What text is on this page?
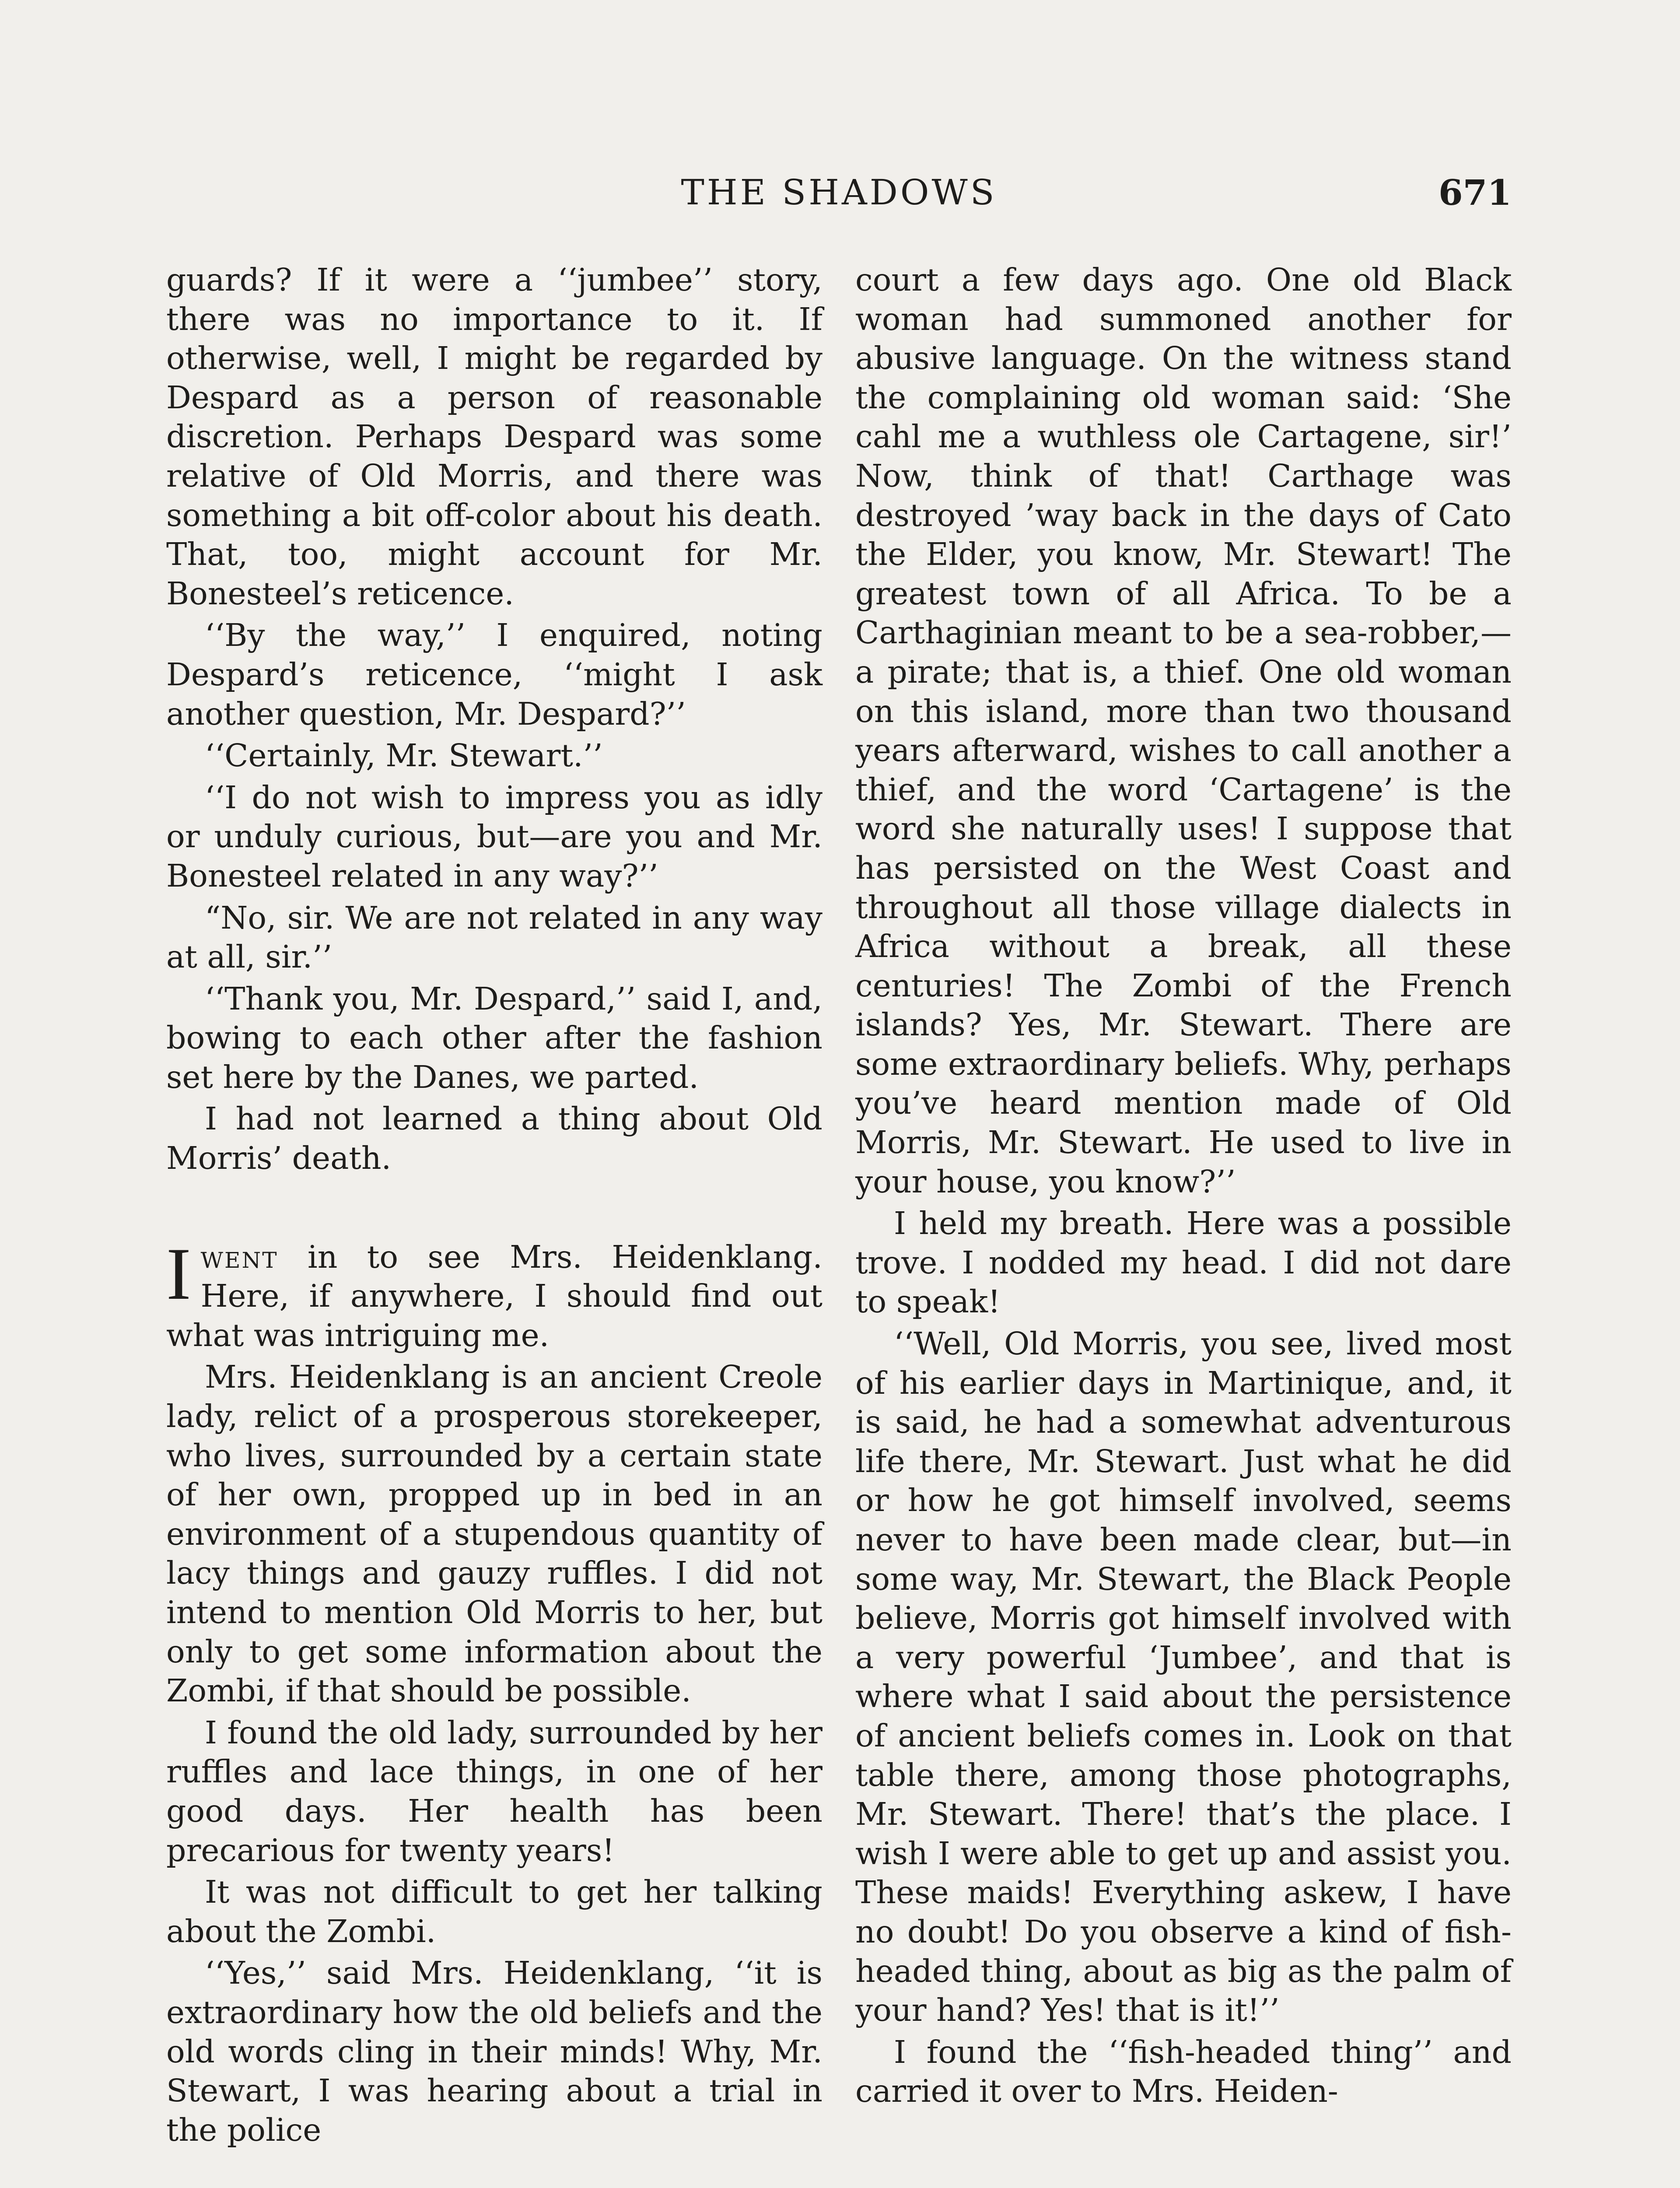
THE SHADOWS	671

guards? If it were a ‘‘jumbee’’ story, there was no importance to it. If otherwise, well, I might be regarded by Despard as a person of reasonable discretion. Perhaps Despard was some relative of Old Morris, and there was something a bit off-color about his death. That, too, might account for Mr. Bonesteel’s reticence.

‘‘By the way,’’ I enquired, noting Despard’s reticence, ‘‘might I ask another question, Mr. Despard?’’

‘‘Certainly, Mr. Stewart.’’

‘‘I do not wish to impress you as idly or unduly curious, but—are you and Mr. Bonesteel related in any way?’’

“No, sir. We are not related in any way at all, sir.’’

‘‘Thank you, Mr. Despard,’’ said I, and, bowing to each other after the fashion set here by the Danes, we parted.

I had not learned a thing about Old Morris’ death.

Iwent in to see Mrs. Heidenklang. Here, if anywhere, I should find out what was intriguing me.

Mrs. Heidenklang is an ancient Creole lady, relict of a prosperous storekeeper, who lives, surrounded by a certain state of her own, propped up in bed in an environment of a stupendous quantity of lacy things and gauzy ruffles. I did not intend to mention Old Morris to her, but only to get some information about the Zombi, if that should be possible.

I found the old lady, surrounded by her ruffles and lace things, in one of her good days. Her health has been precarious for twenty years!

It was not difficult to get her talking about the Zombi.

‘‘Yes,’’ said Mrs. Heidenklang, ‘‘it is extraordinary how the old beliefs and the old words cling in their minds! Why, Mr. Stewart, I was hearing about a trial in the police

court a few days ago. One old Black woman had summoned another for abusive language. On the witness stand the complaining old woman said: ‘She cahl me a wuthless ole Cartagene, sir!’ Now, think of that! Carthage was destroyed ’way back in the days of Cato the Elder, you know, Mr. Stewart! The greatest town of all Africa. To be a Carthaginian meant to be a sea-robber,—a pirate; that is, a thief. One old woman on this island, more than two thousand years afterward, wishes to call another a thief, and the word ‘Cartagene’ is the word she naturally uses! I suppose that has persisted on the West Coast and throughout all those village dialects in Africa without a break, all these centuries! The Zombi of the French islands? Yes, Mr. Stewart. There are some extraordinary beliefs. Why, perhaps you’ve heard mention made of Old Morris, Mr. Stewart. He used to live in your house, you know?’’

I held my breath. Here was a possible trove. I nodded my head. I did not dare to speak!

‘‘Well, Old Morris, you see, lived most of his earlier days in Martinique, and, it is said, he had a somewhat adventurous life there, Mr. Stewart. Just what he did or how he got himself involved, seems never to have been made clear, but—in some way, Mr. Stewart, the Black People believe, Morris got himself involved with a very powerful ‘Jumbee’, and that is where what I said about the persistence of ancient beliefs comes in. Look on that table there, among those photographs, Mr. Stewart. There! that’s the place. I wish I were able to get up and assist you. These maids! Everything askew, I have no doubt! Do you observe a kind of fish-headed thing, about as big as the palm of your hand? Yes! that is it!’’

I found the ‘‘fish-headed thing’’ and carried it over to Mrs. Heiden-
